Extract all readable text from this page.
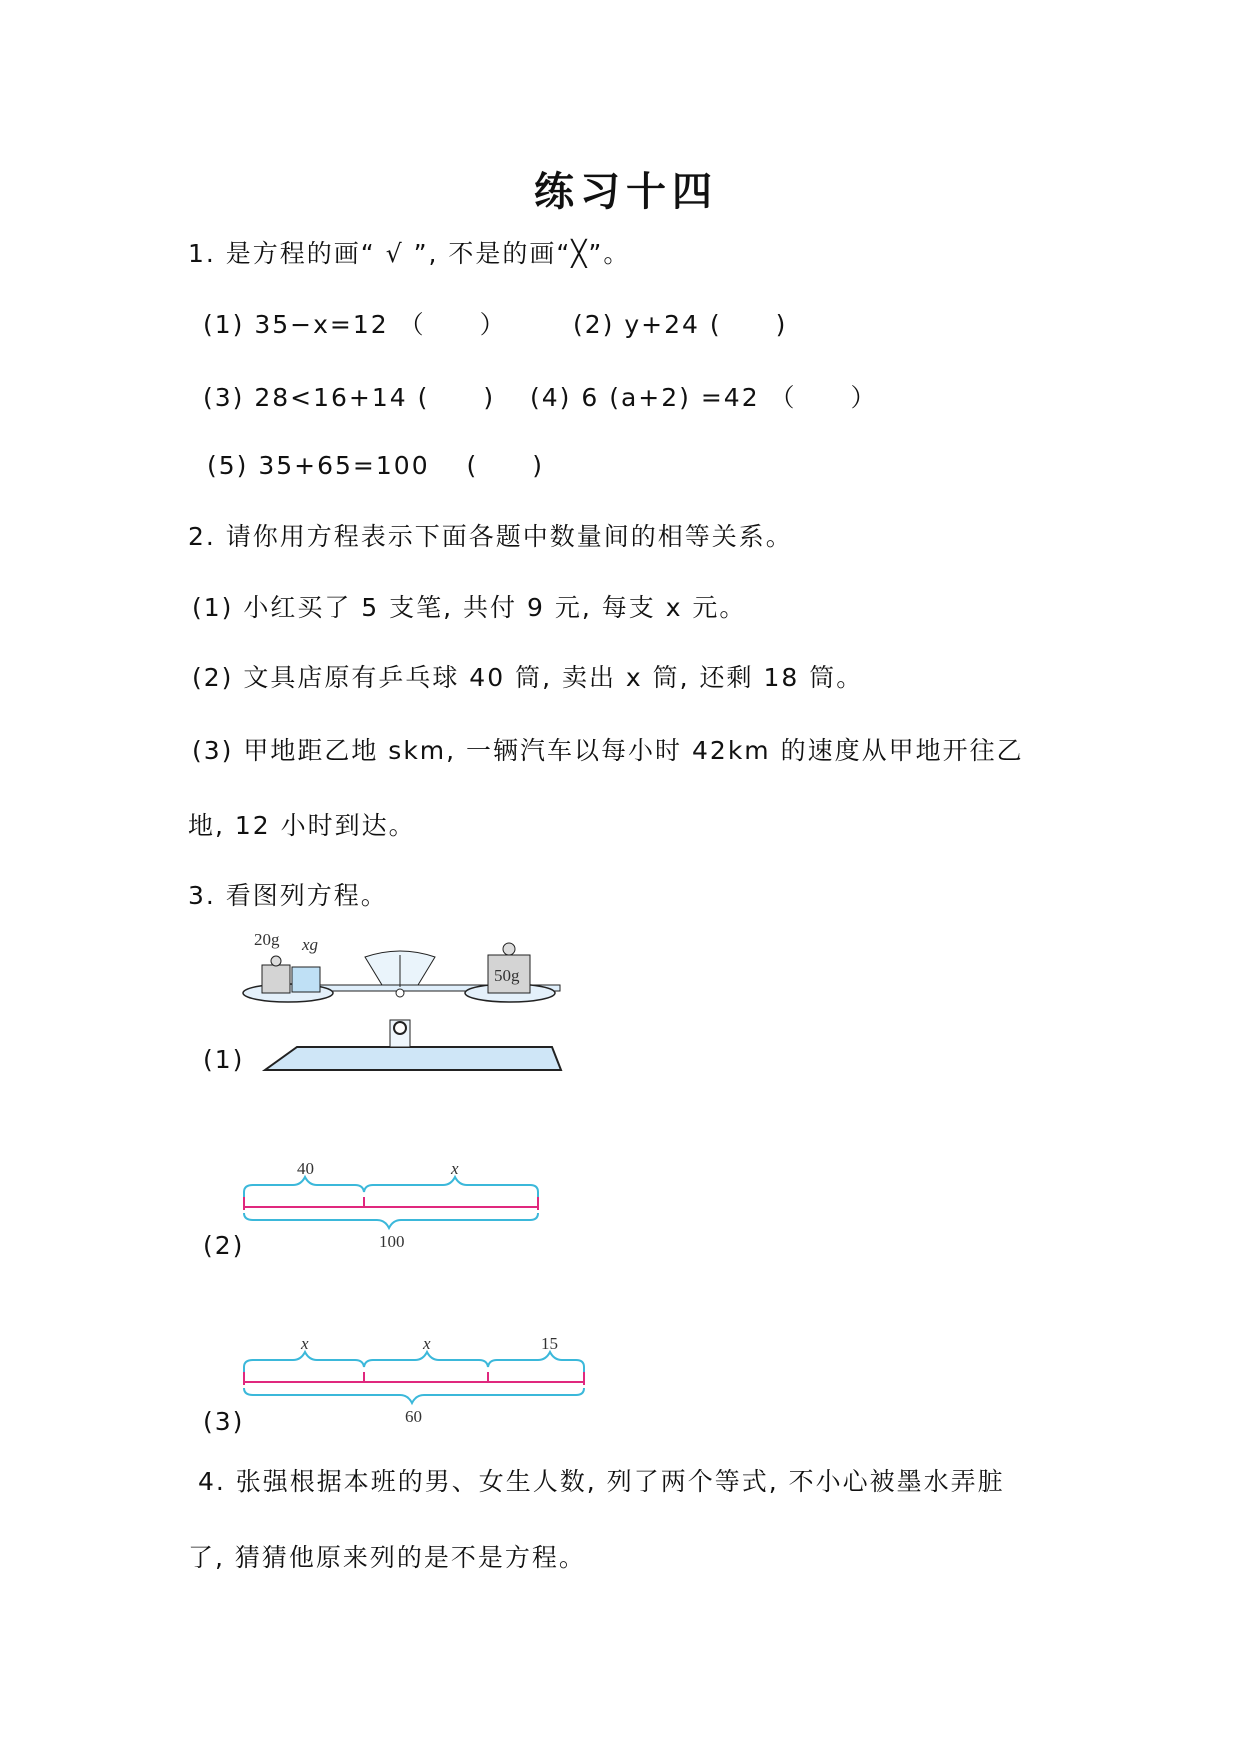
练习十四
1. 是方程的画“ √ ”, 不是的画“╳”。
(1) 35−x=12 （　　）	(2) y+24 (　　)
(3) 28<16+14 (　　) (4) 6 (a+2) =42 （　　）
(5) 35+65=100 　(　　)
2. 请你用方程表示下面各题中数量间的相等关系。
(1) 小红买了 5 支笔, 共付 9 元, 每支 x 元。
(2) 文具店原有乒乓球 40 筒, 卖出 x 筒, 还剩 18 筒。
(3) 甲地距乙地 skm, 一辆汽车以每小时 42km 的速度从甲地开往乙
地, 12 小时到达。
3. 看图列方程。
(1)
20g xg
50g
(2)
40	x
100
(3)
x	x	15
60
4. 张强根据本班的男、女生人数, 列了两个等式, 不小心被墨水弄脏
了, 猜猜他原来列的是不是方程。
